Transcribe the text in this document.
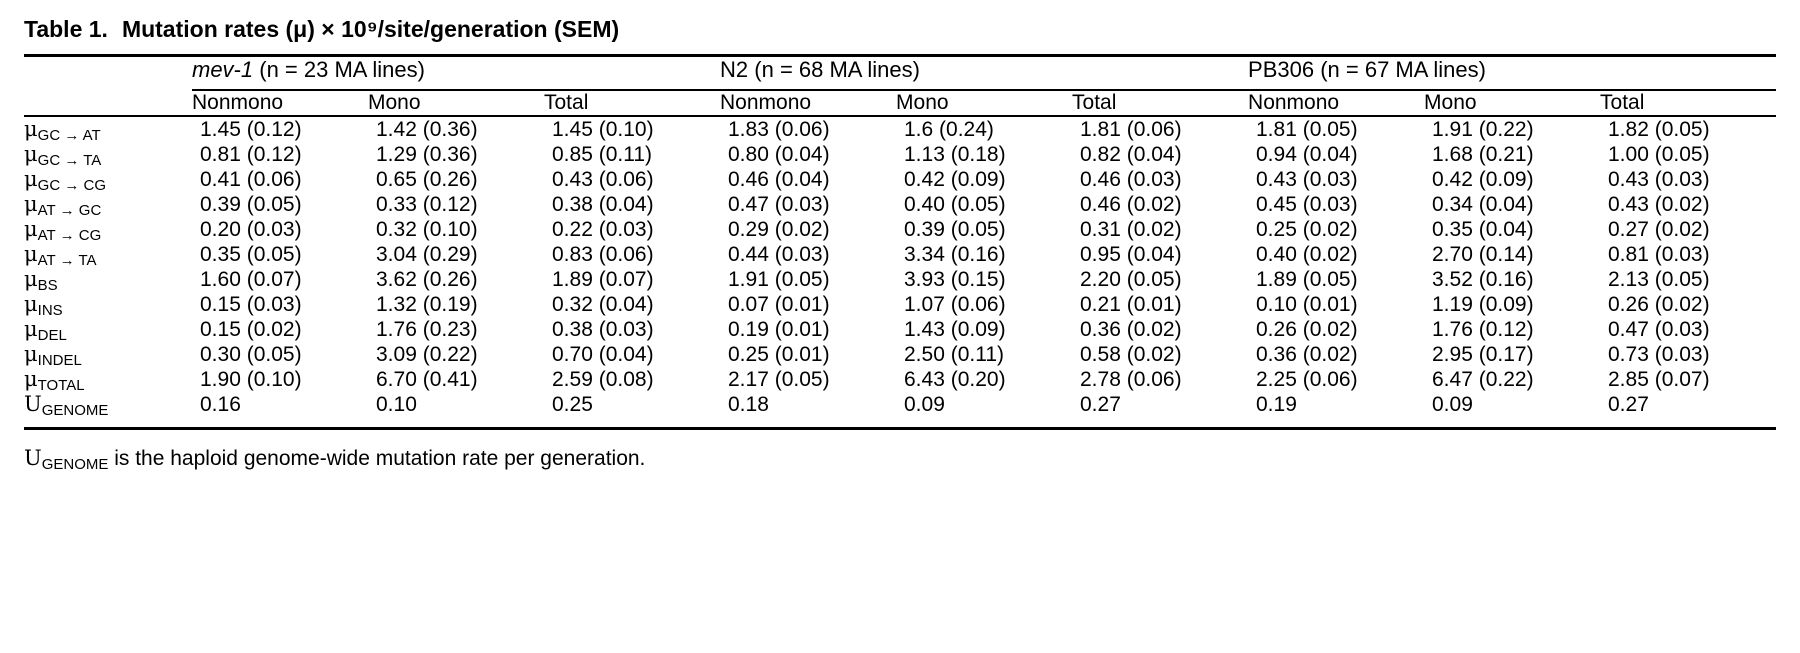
Table 1. Mutation rates (μ) × 10⁹/site/generation (SEM)
	mev-1 (n = 23 MA lines)			N2 (n = 68 MA lines)			PB306 (n = 67 MA lines)		

	Nonmono	Mono	Total	Nonmono	Mono	Total	Nonmono	Mono	Total
μGC → AT	1.45 (0.12)	1.42 (0.36)	1.45 (0.10)	1.83 (0.06)	1.6 (0.24)	1.81 (0.06)	1.81 (0.05)	1.91 (0.22)	1.82 (0.05)
μGC → TA	0.81 (0.12)	1.29 (0.36)	0.85 (0.11)	0.80 (0.04)	1.13 (0.18)	0.82 (0.04)	0.94 (0.04)	1.68 (0.21)	1.00 (0.05)
μGC → CG	0.41 (0.06)	0.65 (0.26)	0.43 (0.06)	0.46 (0.04)	0.42 (0.09)	0.46 (0.03)	0.43 (0.03)	0.42 (0.09)	0.43 (0.03)
μAT → GC	0.39 (0.05)	0.33 (0.12)	0.38 (0.04)	0.47 (0.03)	0.40 (0.05)	0.46 (0.02)	0.45 (0.03)	0.34 (0.04)	0.43 (0.02)
μAT → CG	0.20 (0.03)	0.32 (0.10)	0.22 (0.03)	0.29 (0.02)	0.39 (0.05)	0.31 (0.02)	0.25 (0.02)	0.35 (0.04)	0.27 (0.02)
μAT → TA	0.35 (0.05)	3.04 (0.29)	0.83 (0.06)	0.44 (0.03)	3.34 (0.16)	0.95 (0.04)	0.40 (0.02)	2.70 (0.14)	0.81 (0.03)
μBS	1.60 (0.07)	3.62 (0.26)	1.89 (0.07)	1.91 (0.05)	3.93 (0.15)	2.20 (0.05)	1.89 (0.05)	3.52 (0.16)	2.13 (0.05)
μINS	0.15 (0.03)	1.32 (0.19)	0.32 (0.04)	0.07 (0.01)	1.07 (0.06)	0.21 (0.01)	0.10 (0.01)	1.19 (0.09)	0.26 (0.02)
μDEL	0.15 (0.02)	1.76 (0.23)	0.38 (0.03)	0.19 (0.01)	1.43 (0.09)	0.36 (0.02)	0.26 (0.02)	1.76 (0.12)	0.47 (0.03)
μINDEL	0.30 (0.05)	3.09 (0.22)	0.70 (0.04)	0.25 (0.01)	2.50 (0.11)	0.58 (0.02)	0.36 (0.02)	2.95 (0.17)	0.73 (0.03)
μTOTAL	1.90 (0.10)	6.70 (0.41)	2.59 (0.08)	2.17 (0.05)	6.43 (0.20)	2.78 (0.06)	2.25 (0.06)	6.47 (0.22)	2.85 (0.07)
UGENOME	0.16	0.10	0.25	0.18	0.09	0.27	0.19	0.09	0.27
UGENOME is the haploid genome-wide mutation rate per generation.
